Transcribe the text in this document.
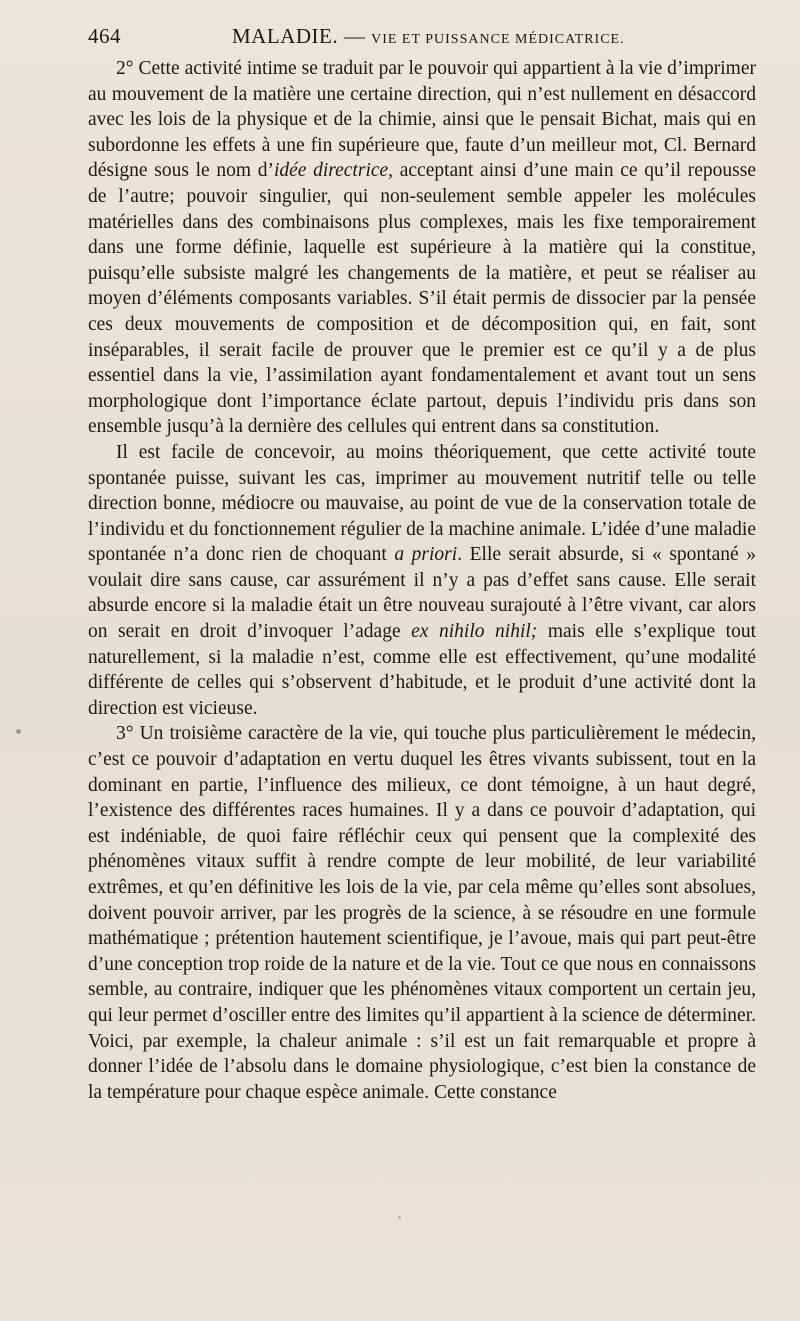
464	MALADIE. — VIE ET PUISSANCE MÉDICATRICE.

2° Cette activité intime se traduit par le pouvoir qui appartient à la vie d’imprimer au mouvement de la matière une certaine direction, qui n’est nullement en désaccord avec les lois de la physique et de la chimie, ainsi que le pensait Bichat, mais qui en subordonne les effets à une fin supérieure que, faute d’un meilleur mot, Cl. Bernard désigne sous le nom d’idée directrice, acceptant ainsi d’une main ce qu’il repousse de l’autre; pouvoir singulier, qui non-seulement semble appeler les molécules matérielles dans des combinaisons plus complexes, mais les fixe temporairement dans une forme définie, laquelle est supérieure à la matière qui la constitue, puisqu’elle subsiste malgré les changements de la matière, et peut se réaliser au moyen d’éléments composants variables. S’il était permis de dissocier par la pensée ces deux mouvements de composition et de décomposition qui, en fait, sont inséparables, il serait facile de prouver que le premier est ce qu’il y a de plus essentiel dans la vie, l’assimilation ayant fondamentalement et avant tout un sens morphologique dont l’importance éclate partout, depuis l’individu pris dans son ensemble jusqu’à la dernière des cellules qui entrent dans sa constitution.

Il est facile de concevoir, au moins théoriquement, que cette activité toute spontanée puisse, suivant les cas, imprimer au mouvement nutritif telle ou telle direction bonne, médiocre ou mauvaise, au point de vue de la conservation totale de l’individu et du fonctionnement régulier de la machine animale. L’idée d’une maladie spontanée n’a donc rien de choquant a priori. Elle serait absurde, si « spontané » voulait dire sans cause, car assurément il n’y a pas d’effet sans cause. Elle serait absurde encore si la maladie était un être nouveau surajouté à l’être vivant, car alors on serait en droit d’invoquer l’adage ex nihilo nihil; mais elle s’explique tout naturellement, si la maladie n’est, comme elle est effectivement, qu’une modalité différente de celles qui s’observent d’habitude, et le produit d’une activité dont la direction est vicieuse.

3° Un troisième caractère de la vie, qui touche plus particulièrement le médecin, c’est ce pouvoir d’adaptation en vertu duquel les êtres vivants subissent, tout en la dominant en partie, l’influence des milieux, ce dont témoigne, à un haut degré, l’existence des différentes races humaines. Il y a dans ce pouvoir d’adaptation, qui est indéniable, de quoi faire réfléchir ceux qui pensent que la complexité des phénomènes vitaux suffit à rendre compte de leur mobilité, de leur variabilité extrêmes, et qu’en définitive les lois de la vie, par cela même qu’elles sont absolues, doivent pouvoir arriver, par les progrès de la science, à se résoudre en une formule mathématique ; prétention hautement scientifique, je l’avoue, mais qui part peut-être d’une conception trop roide de la nature et de la vie. Tout ce que nous en connaissons semble, au contraire, indiquer que les phénomènes vitaux comportent un certain jeu, qui leur permet d’osciller entre des limites qu’il appartient à la science de déterminer. Voici, par exemple, la chaleur animale : s’il est un fait remarquable et propre à donner l’idée de l’absolu dans le domaine physiologique, c’est bien la constance de la température pour chaque espèce animale. Cette constance
